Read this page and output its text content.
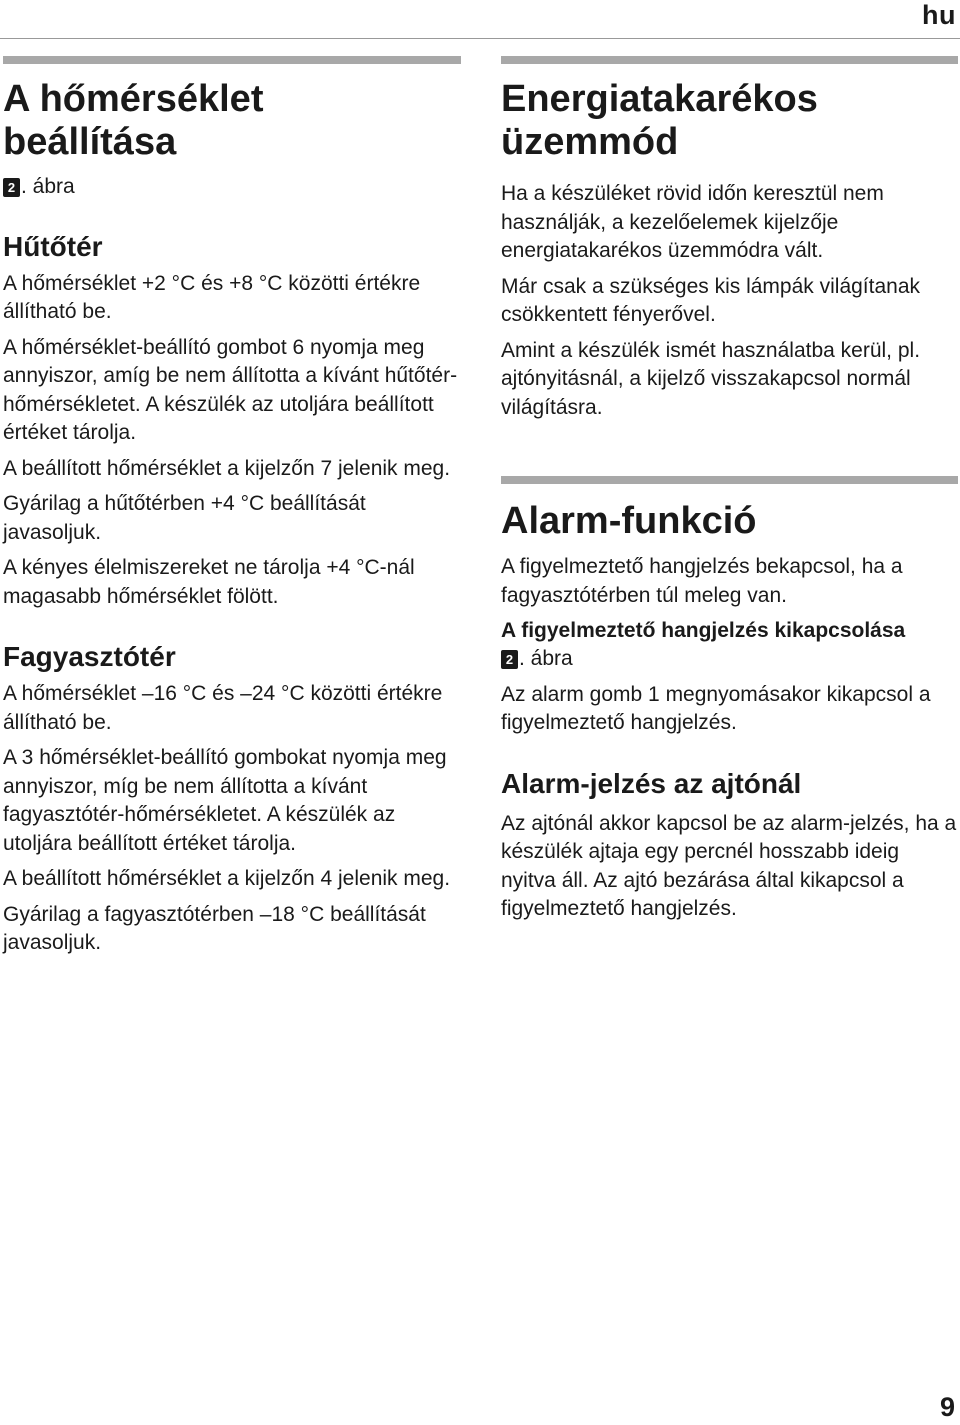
hu
A hőmérséklet
beállítása

2 . ábra

Hűtőtér

A hőmérséklet +2 °C és +8 °C közötti értékre állítható be.

A hőmérséklet-beállító gombot 6 nyomja meg annyiszor, amíg be nem állította a kívánt hűtőtér-hőmérsékletet. A készülék az utoljára beállított értéket tárolja.

A beállított hőmérséklet a kijelzőn 7 jelenik meg.

Gyárilag a hűtőtérben +4 °C beállítását javasoljuk.

A kényes élelmiszereket ne tárolja +4 °C-nál magasabb hőmérséklet fölött.

Fagyasztótér

A hőmérséklet –16 °C és –24 °C közötti értékre állítható be.

A 3 hőmérséklet-beállító gombokat nyomja meg annyiszor, míg be nem állította a kívánt fagyasztótér-hőmérsékletet. A készülék az utoljára beállított értéket tárolja.

A beállított hőmérséklet a kijelzőn 4 jelenik meg.

Gyárilag a fagyasztótérben –18 °C beállítását javasoljuk.

Energiatakarékos
üzemmód

Ha a készüléket rövid időn keresztül nem használják, a kezelőelemek kijelzője energiatakarékos üzemmódra vált.

Már csak a szükséges kis lámpák világítanak csökkentett fényerővel.

Amint a készülék ismét használatba kerül, pl. ajtónyitásnál, a kijelző visszakapcsol normál világításra.

Alarm-funkció

A figyelmeztető hangjelzés bekapcsol, ha a fagyasztótérben túl meleg van.

A figyelmeztető hangjelzés kikapcsolása

2 . ábra

Az alarm gomb 1 megnyomásakor kikapcsol a figyelmeztető hangjelzés.

Alarm-jelzés az ajtónál

Az ajtónál akkor kapcsol be az alarm-jelzés, ha a készülék ajtaja egy percnél hosszabb ideig nyitva áll. Az ajtó bezárása által kikapcsol a figyelmeztető hangjelzés.

9
